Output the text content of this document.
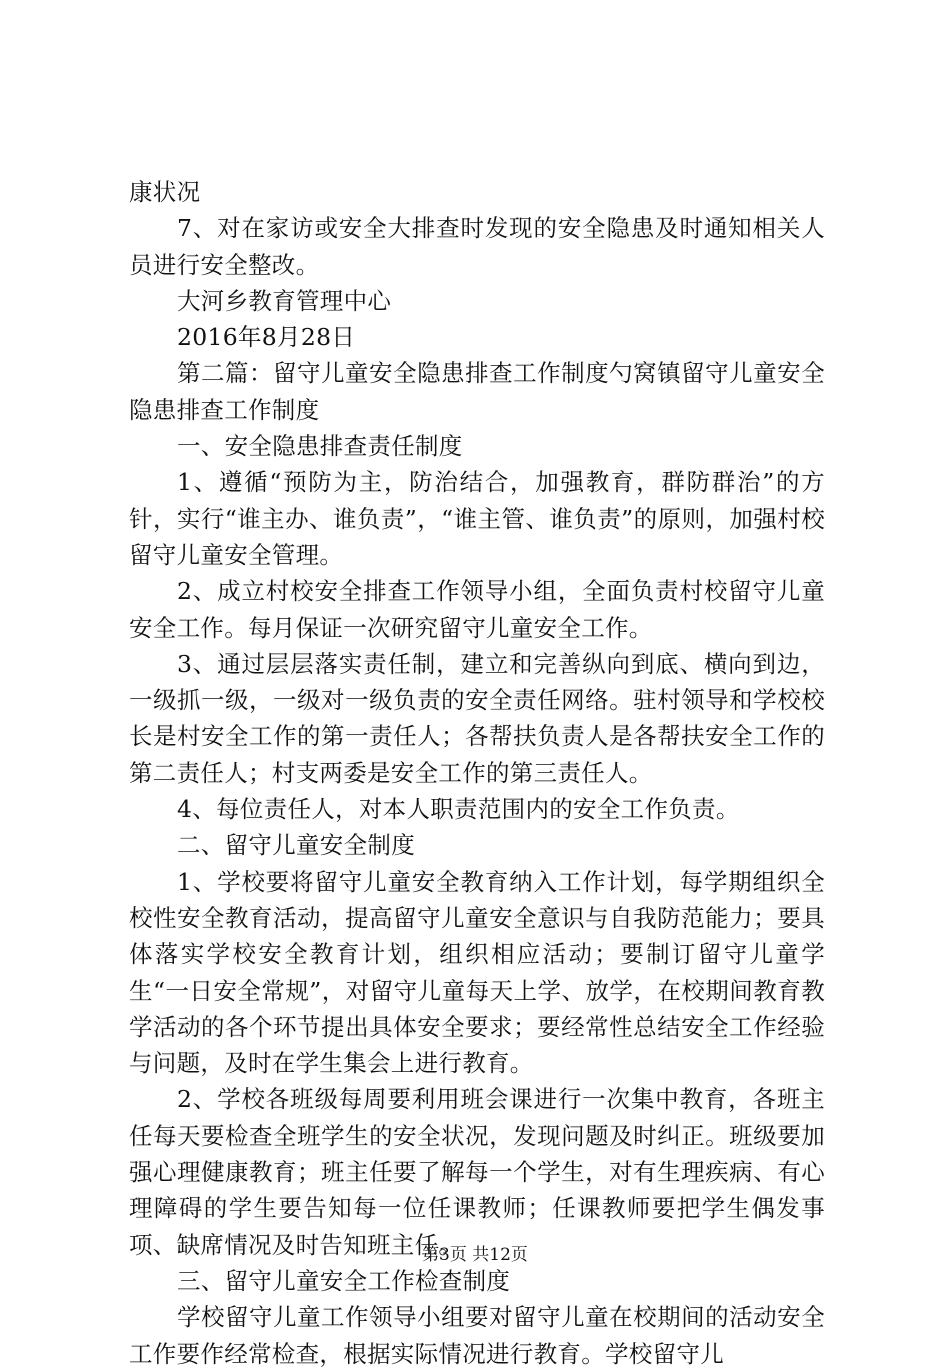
康状况

7、对在家访或安全大排查时发现的安全隐患及时通知相关人员进行安全整改。

大河乡教育管理中心

2016年8月28日

第二篇：留守儿童安全隐患排查工作制度勺窝镇留守儿童安全隐患排查工作制度

一、安全隐患排查责任制度

1、遵循“预防为主，防治结合，加强教育，群防群治”的方针，实行“谁主办、谁负责”，“谁主管、谁负责”的原则，加强村校留守儿童安全管理。

2、成立村校安全排查工作领导小组，全面负责村校留守儿童安全工作。每月保证一次研究留守儿童安全工作。

3、通过层层落实责任制，建立和完善纵向到底、横向到边，一级抓一级，一级对一级负责的安全责任网络。驻村领导和学校校长是村安全工作的第一责任人；各帮扶负责人是各帮扶安全工作的第二责任人；村支两委是安全工作的第三责任人。

4、每位责任人，对本人职责范围内的安全工作负责。

二、留守儿童安全制度

1、学校要将留守儿童安全教育纳入工作计划，每学期组织全校性安全教育活动，提高留守儿童安全意识与自我防范能力；要具体落实学校安全教育计划，组织相应活动；要制订留守儿童学生“一日安全常规”，对留守儿童每天上学、放学，在校期间教育教学活动的各个环节提出具体安全要求；要经常性总结安全工作经验与问题，及时在学生集会上进行教育。

2、学校各班级每周要利用班会课进行一次集中教育，各班主任每天要检查全班学生的安全状况，发现问题及时纠正。班级要加强心理健康教育；班主任要了解每一个学生，对有生理疾病、有心理障碍的学生要告知每一位任课教师；任课教师要把学生偶发事项、缺席情况及时告知班主任。

三、留守儿童安全工作检查制度

学校留守儿童工作领导小组要对留守儿童在校期间的活动安全工作要作经常检查，根据实际情况进行教育。学校留守儿

第3页 共12页
